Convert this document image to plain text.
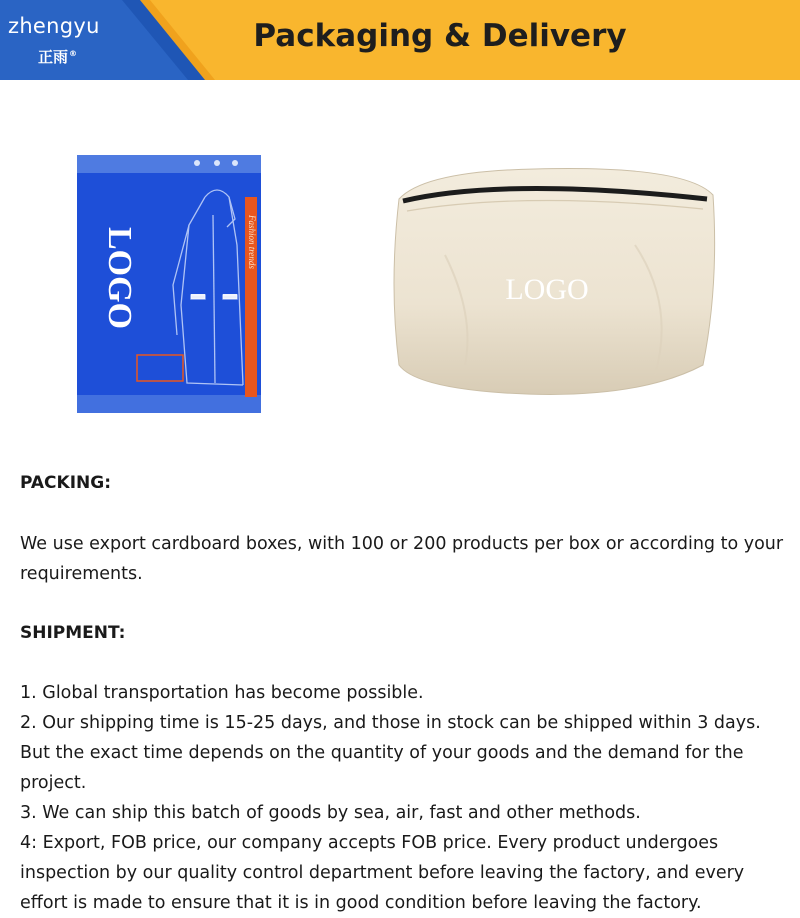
zhengyu
正雨®	Packaging & Delivery
LOGO	Fashion trends
LOGO
PACKING:

We use export cardboard boxes, with 100 or 200 products per box or according to your requirements.

SHIPMENT:
1. Global transportation has become possible.
2. Our shipping time is 15-25 days, and those in stock can be shipped within 3 days. But the exact time depends on the quantity of your goods and the demand for the project.
3. We can ship this batch of goods by sea, air, fast and other methods.
4: Export, FOB price, our company accepts FOB price. Every product undergoes inspection by our quality control department before leaving the factory, and every effort is made to ensure that it is in good condition before leaving the factory.
